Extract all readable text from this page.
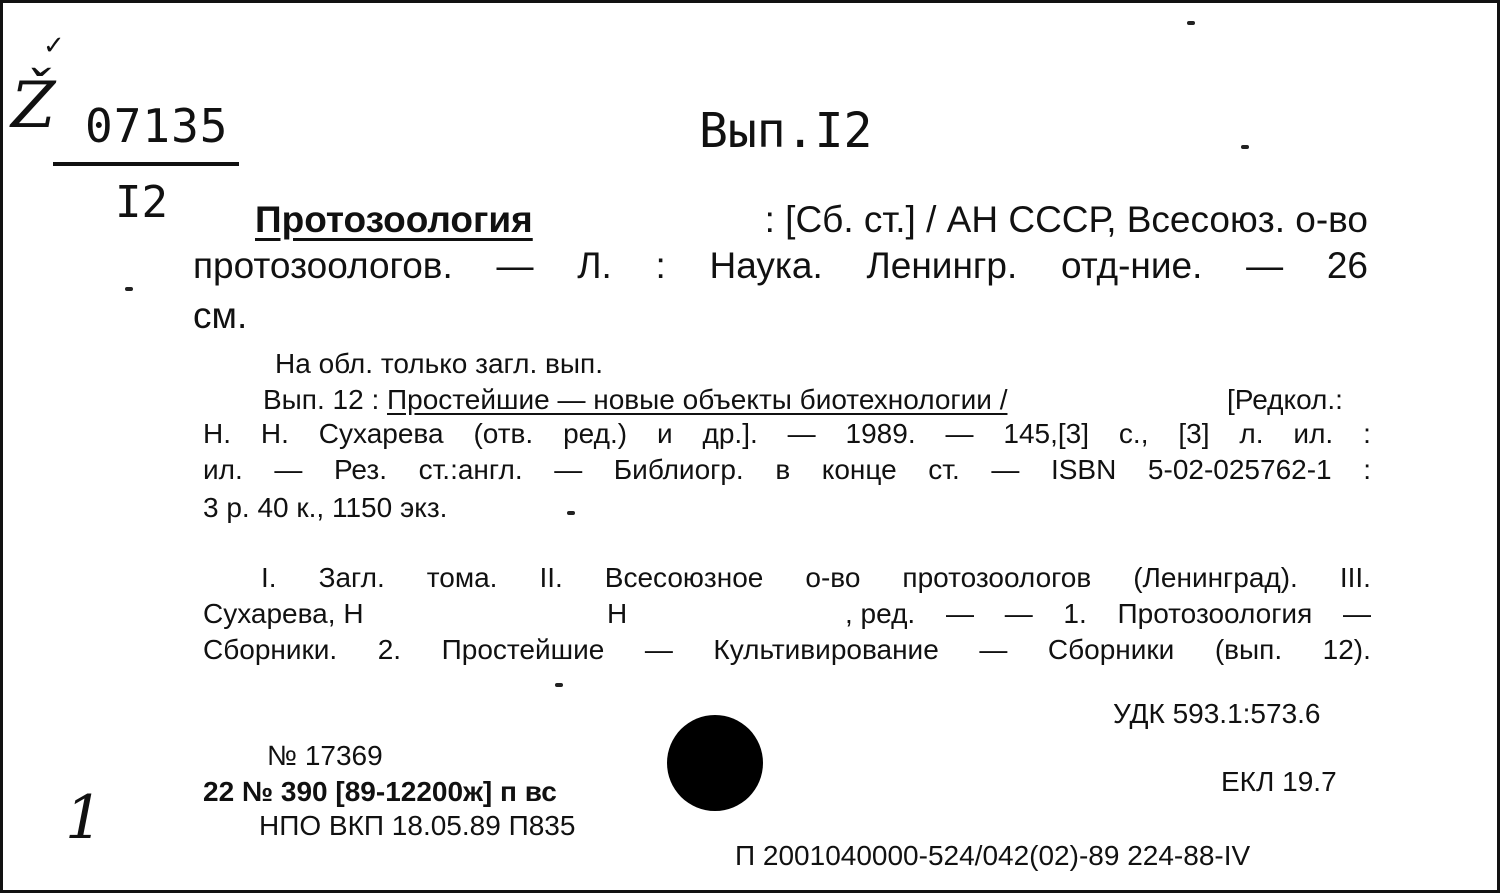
✓
Ž 07135
I2
Вып.I2
Протозоология	: [Сб. ст.] / АН СССР, Всесоюз. о-во
протозоологов. — Л. : Наука. Ленингр. отд-ние. — 26
см.
На обл. только загл. вып.
Вып. 12 : Простейшие — новые объекты биотехнологии /	[Редкол.:
Н. Н. Сухарева (отв. ред.) и др.]. — 1989. — 145,[3] с., [3] л. ил. :
ил. — Рез. ст.:англ. — Библиогр. в конце ст. — ISBN 5-02-025762-1 :
3 р. 40 к., 1150 экз.
I. Загл. тома. II. Всесоюзное о-во протозоологов (Ленинград). III.
Сухарева, Н	Н	, ред. — — 1. Протозоология —
Сборники. 2. Простейшие — Культивирование — Сборники (вып. 12).
УДК 593.1:573.6
№ 17369
22 № 390 [89-12200ж] п вс	ЕКЛ 19.7
НПО ВКП 18.05.89 П835
П 2001040000-524/042(02)-89 224-88-IV
1
